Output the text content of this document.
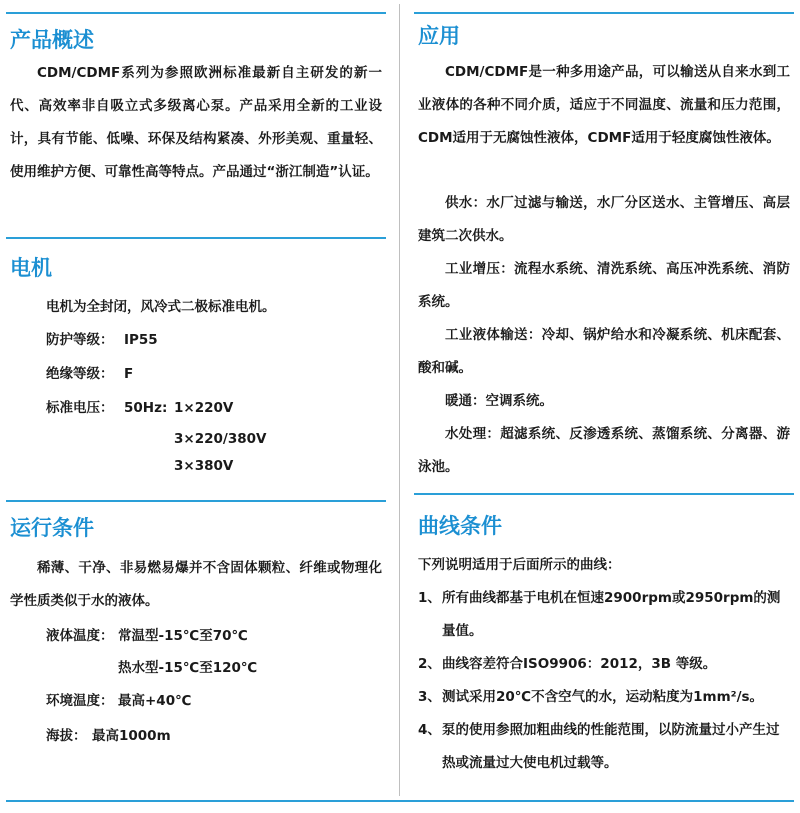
产品概述

CDM/CDMF系列为参照欧洲标准最新自主研发的新一代、高效率非自吸立式多级离心泵。产品采用全新的工业设计，具有节能、低噪、环保及结构紧凑、外形美观、重量轻、使用维护方便、可靠性高等特点。产品通过“浙江制造”认证。

电机
电机为全封闭，风冷式二极标准电机。
防护等级： IP55
绝缘等级： F
标准电压： 50Hz: 1×220V
3×220/380V
3×380V
运行条件

稀薄、干净、非易燃易爆并不含固体颗粒、纤维或物理化学性质类似于水的液体。

液体温度： 常温型-15℃至70℃
热水型-15℃至120℃
环境温度： 最高+40℃
海拔： 最高1000m
应用

CDM/CDMF是一种多用途产品，可以输送从自来水到工业液体的各种不同介质，适应于不同温度、流量和压力范围，CDM适用于无腐蚀性液体，CDMF适用于轻度腐蚀性液体。

供水：水厂过滤与输送，水厂分区送水、主管增压、高层建筑二次供水。

工业增压：流程水系统、清洗系统、高压冲洗系统、消防系统。

工业液体输送：冷却、锅炉给水和冷凝系统、机床配套、酸和碱。

暖通：空调系统。

水处理：超滤系统、反渗透系统、蒸馏系统、分离器、游泳池。

曲线条件

下列说明适用于后面所示的曲线：

1、 所有曲线都基于电机在恒速2900rpm或2950rpm的测量值。
2、 曲线容差符合ISO9906：2012，3B 等级。
3、 测试采用20℃不含空气的水，运动粘度为1mm²/s。
4、 泵的使用参照加粗曲线的性能范围，以防流量过小产生过热或流量过大使电机过载等。
